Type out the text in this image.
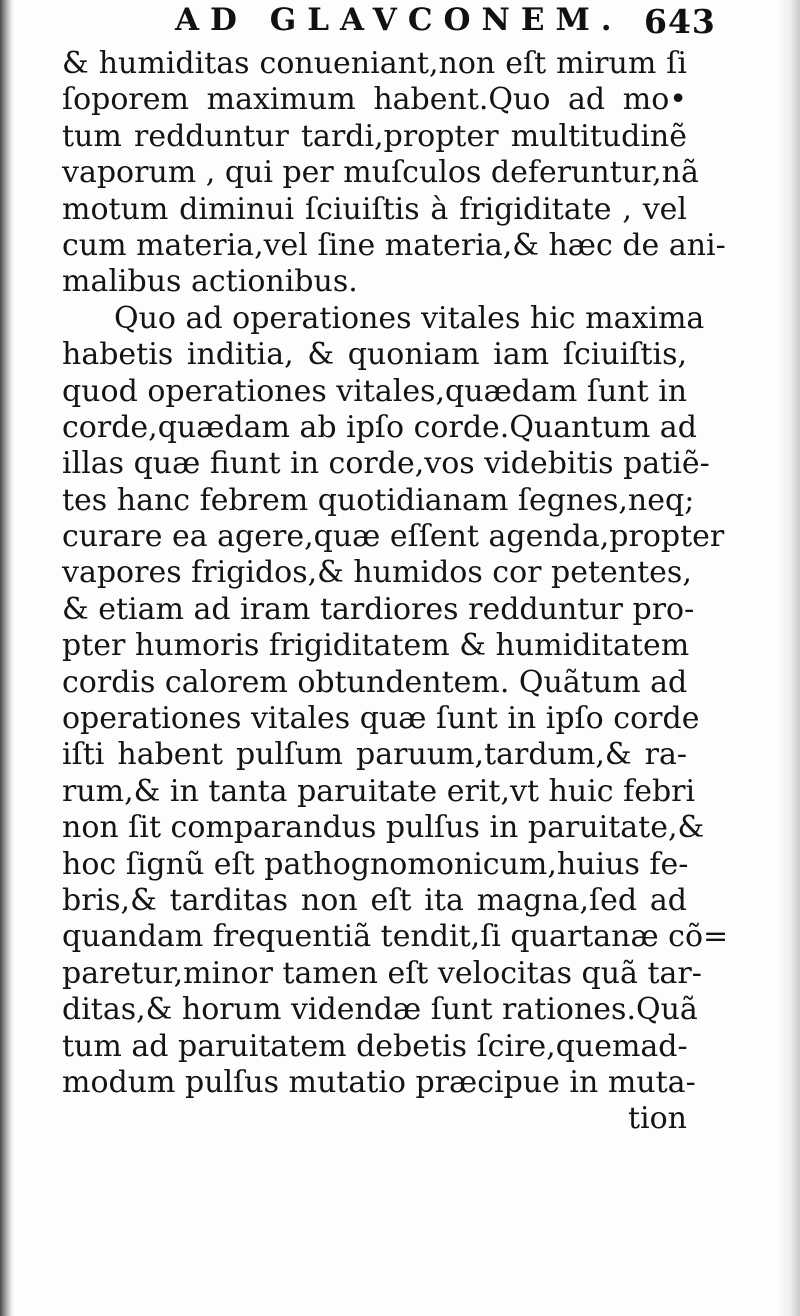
AD GLAVCONEM. 643
& humiditas conueniant,non eſt mirum ſi
ſoporem maximum habent.Quo ad mo•
tum redduntur tardi,propter multitudinẽ
vaporum , qui per muſculos deferuntur,nã
motum diminui ſciuiſtis à frigiditate , vel
cum materia,vel ſine materia,& hæc de ani-
malibus actionibus.
Quo ad operationes vitales hic maxima
habetis inditia, & quoniam iam ſciuiſtis,
quod operationes vitales,quædam ſunt in
corde,quædam ab ipſo corde.Quantum ad
illas quæ fiunt in corde,vos videbitis patiẽ-
tes hanc febrem quotidianam ſegnes,neq;
curare ea agere,quæ eſſent agenda,propter
vapores frigidos,& humidos cor petentes,
& etiam ad iram tardiores redduntur pro-
pter humoris frigiditatem & humiditatem
cordis calorem obtundentem. Quãtum ad
operationes vitales quæ ſunt in ipſo corde
iſti habent pulſum paruum,tardum,& ra-
rum,& in tanta paruitate erit,vt huic febri
non ſit comparandus pulſus in paruitate,&
hoc ſignũ eſt pathognomonicum,huius fe-
bris,& tarditas non eſt ita magna,ſed ad
quandam frequentiã tendit,ſi quartanæ cõ=
paretur,minor tamen eſt velocitas quã tar-
ditas,& horum videndæ ſunt rationes.Quã
tum ad paruitatem debetis ſcire,quemad-
modum pulſus mutatio præcipue in muta-
tion
